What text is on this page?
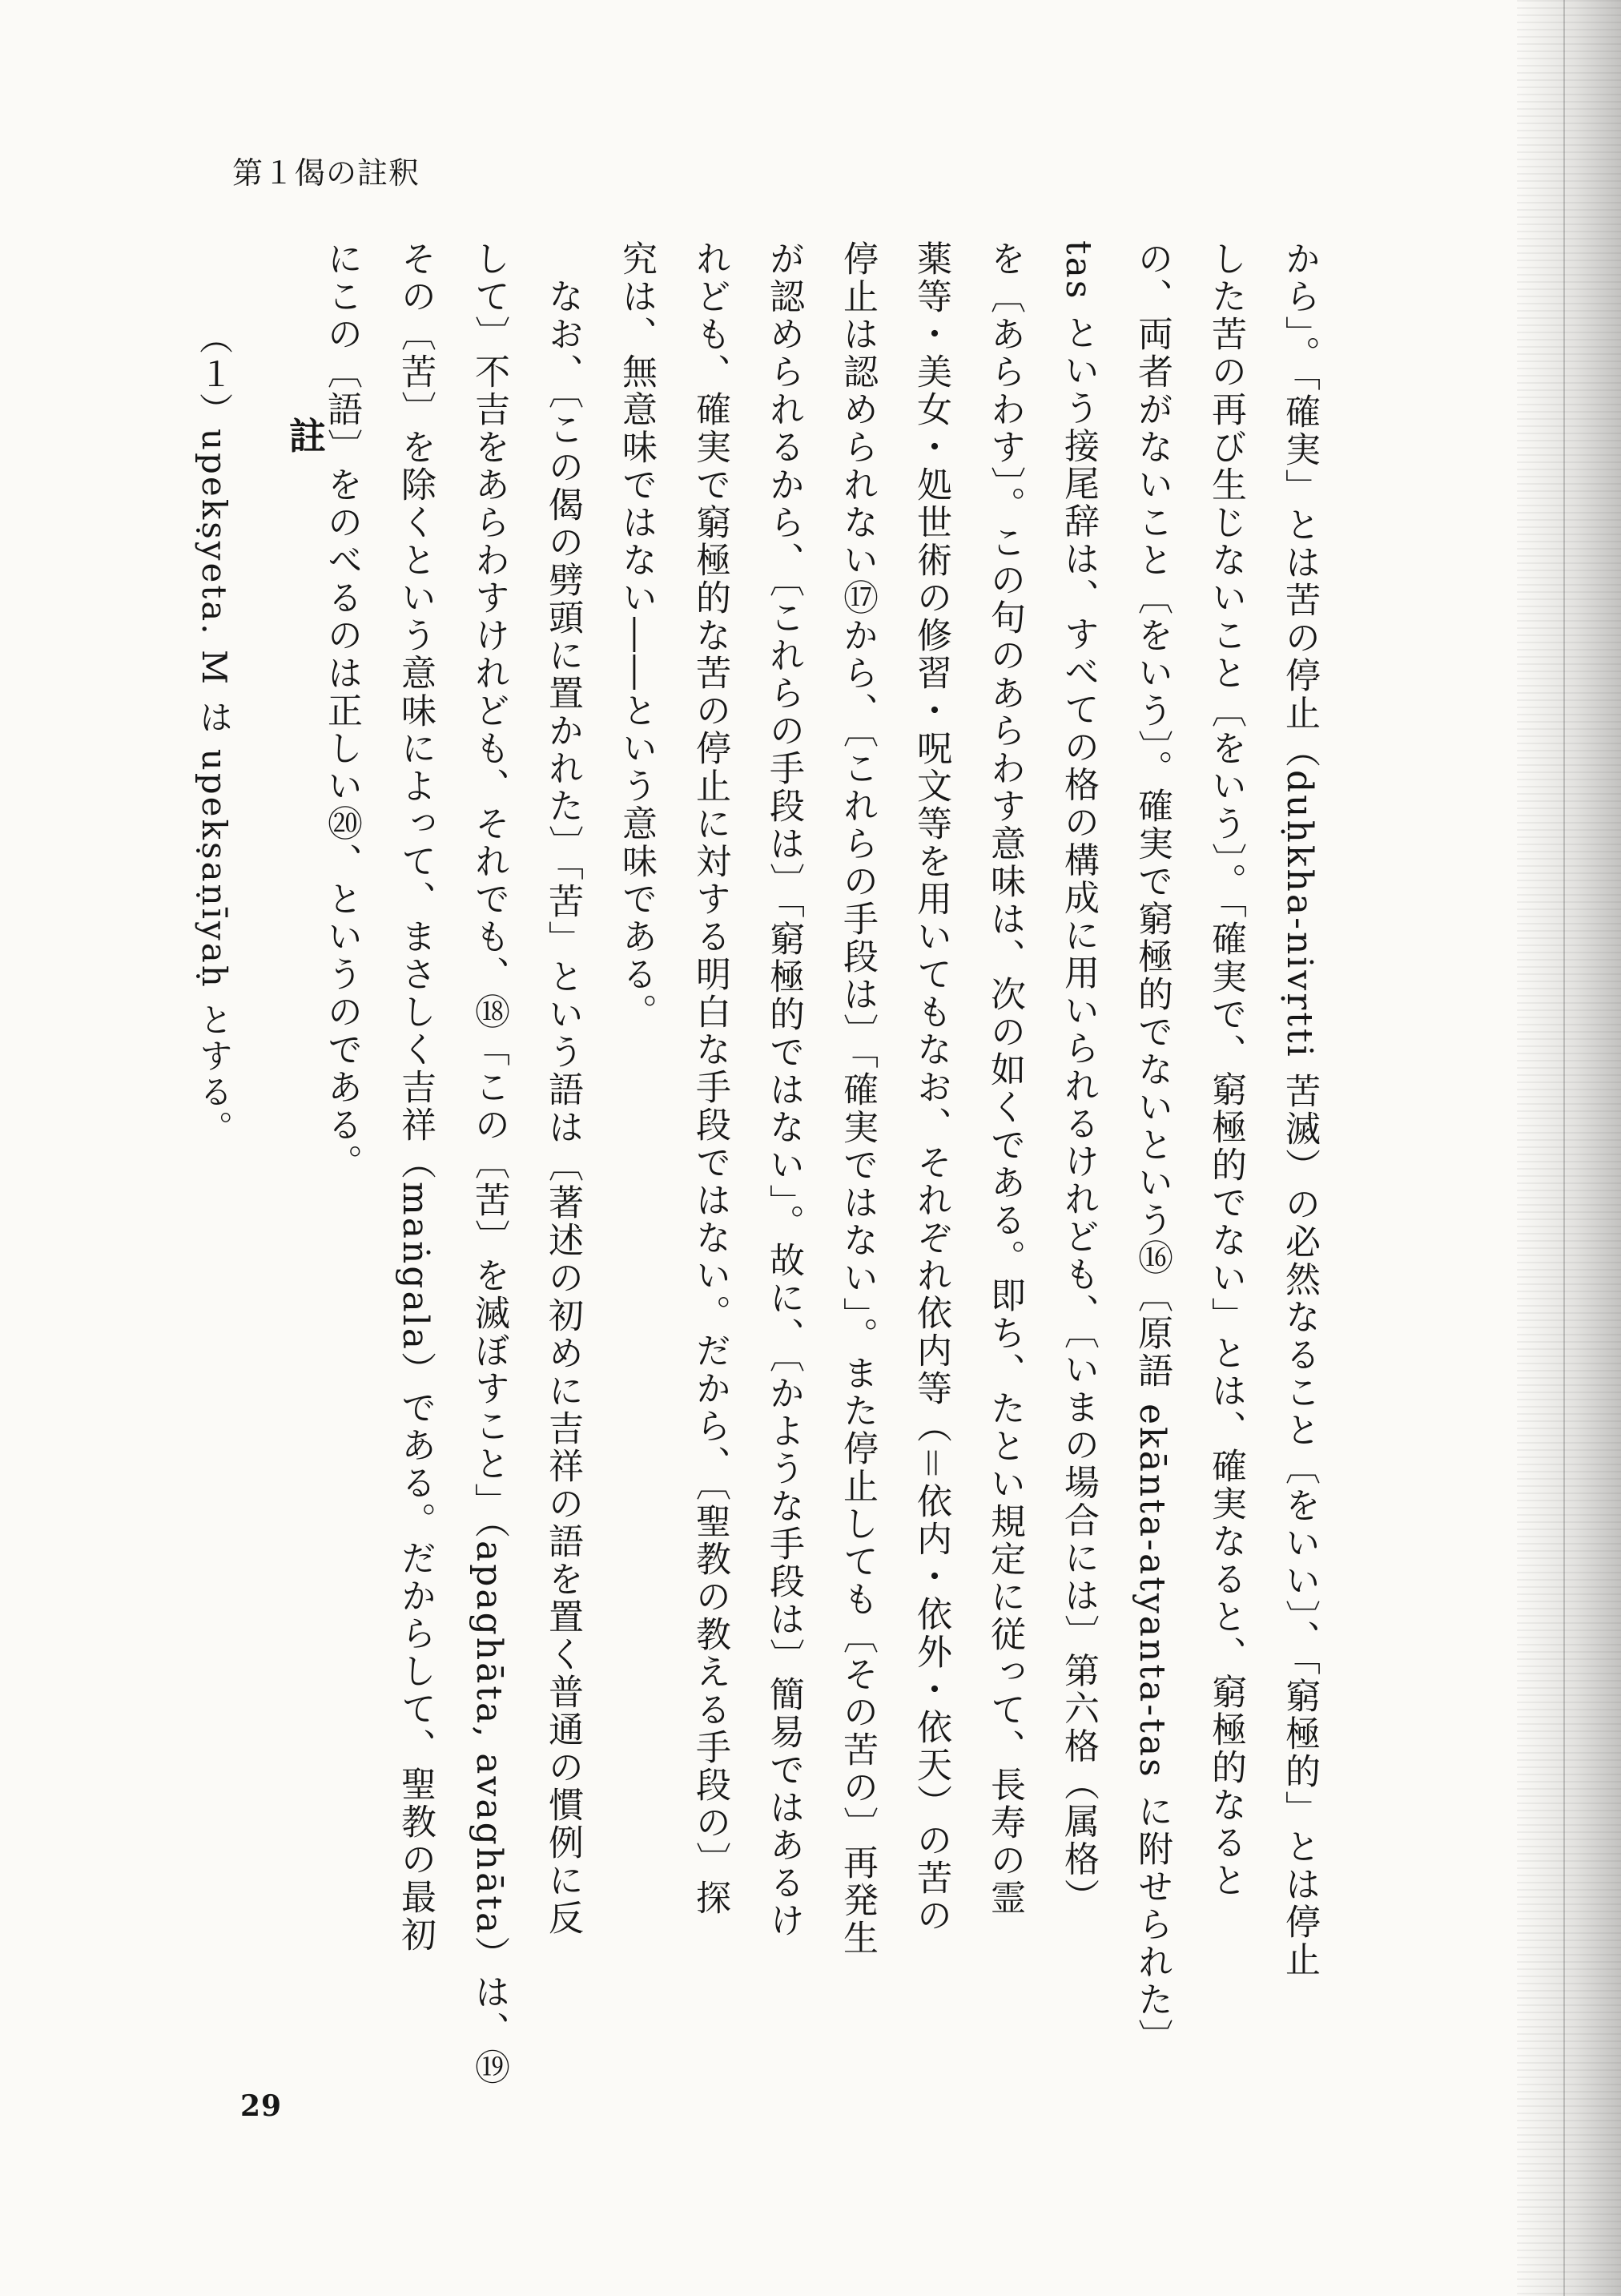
第１偈の註釈
から」。「確実」とは苦の停止（duḥkha-nivṛtti 苦滅）の必然なること〔をいい〕、「窮極的」とは停止
した苦の再び生じないこと〔をいう〕。「確実で、窮極的でない」とは、確実なると、窮極的なると
の、両者がないこと〔をいう〕。確実で窮極的でないという⑯〔原語 ekānta-atyanta-tas に附せられた〕
tas という接尾辞は、すべての格の構成に用いられるけれども、〔いまの場合には〕第六格（属格）
を〔あらわす〕。この句のあらわす意味は、次の如くである。即ち、たとい規定に従って、長寿の霊
薬等・美女・処世術の修習・呪文等を用いてもなお、それぞれ依内等（＝依内・依外・依天）の苦の
停止は認められない⑰から、〔これらの手段は〕「確実ではない」。また停止しても〔その苦の〕再発生
が認められるから、〔これらの手段は〕「窮極的ではない」。故に、〔かような手段は〕簡易ではあるけ
れども、確実で窮極的な苦の停止に対する明白な手段ではない。だから、〔聖教の教える手段の〕探
究は、無意味ではない――という意味である。
　なお、〔この偈の劈頭に置かれた〕「苦」という語は〔著述の初めに吉祥の語を置く普通の慣例に反
して〕不吉をあらわすけれども、それでも、⑱「この〔苦〕を滅ぼすこと」（apaghāta, avaghāta）は、⑲
その〔苦〕を除くという意味によって、まさしく吉祥（maṅgala）である。だからして、聖教の最初
にこの〔語〕をのべるのは正しい⑳、というのである。
註
（１）upekṣyeta. M は upekṣaṇīyaḥ とする。
29
